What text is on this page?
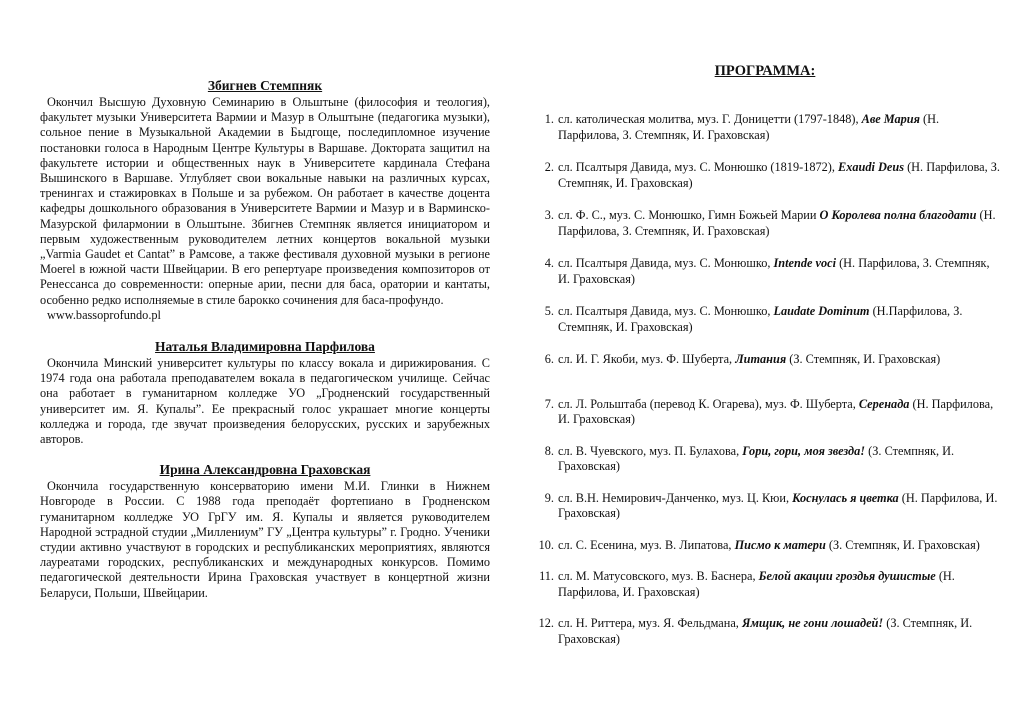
Збигнев Стемпняк

Окончил Высшую Духовную Семинарию в Ольштыне (философия и теология), факультет музыки Университета Вармии и Мазур в Ольштыне (педагогика музыки), сольное пение в Музыкальной Академии в Быдгоще, последипломное изучение постановки голоса в Народным Центре Культуры в Варшаве. Доктората защитил на факультете истории и общественных наук в Университете кардинала Стефана Вышинского в Варшаве. Углубляет свои вокальные навыки на различных курсах, тренингах и стажировках в Польше и за рубежом. Он работает в качестве доцента кафедры дошкольного образования в Университете Вармии и Мазур и в Варминско-Мазурской филармонии в Ольштыне. Збигнев Стемпняк является инициатором и первым художественным руководителем летних концертов вокальной музыки „Varmia Gaudet et Cantat” в Рамсове, а также фестиваля духовной музыки в регионе Moerel в южной части Швейцарии. В его репертуаре произведения композиторов от Ренессанса до современности: оперные арии, песни для баса, оратории и кантаты, особенно редко исполняемые в стиле барокко сочинения для баса-профундо.

www.bassoprofundo.pl

Наталья Владимировна Парфилова

Окончила Минский университет культуры по классу вокала и дирижирования. С 1974 года она работала преподавателем вокала в педагогическом училище. Сейчас она работает в гуманитарном колледже УО „Гродненский государственный университет им. Я. Купалы”. Ее прекрасный голос украшает многие концерты колледжа и города, где звучат произведения белорусских, русских и зарубежных авторов.

Ирина Александровна Граховская

Окончила государственную консерваторию имени М.И. Глинки в Нижнем Новгороде в России. С 1988 года преподаёт фортепиано в Гродненском гуманитарном колледже УО ГрГУ им. Я. Купалы и является руководителем Народной эстрадной студии „Миллениум” ГУ „Центра культуры” г. Гродно. Ученики студии активно участвуют в городских и республиканских мероприятиях, являются лауреатами городских, республиканских и международных конкурсов. Помимо педагогической деятельности Ирина Граховская участвует в концертной жизни Беларуси, Польши, Швейцарии.

ПРОГРАММА:
1. сл. католическая молитва, муз. Г. Доницетти (1797-1848), Аве Мария (Н. Парфилова, З. Стемпняк, И. Граховская)
2. сл. Псалтыря Давида, муз. С. Монюшко (1819-1872), Exaudi Deus (Н. Парфилова, З. Стемпняк, И. Граховская)
3. сл. Ф. С., муз. С. Монюшко, Гимн Божьей Марии О Королева полна благодати (Н. Парфилова, З. Стемпняк, И. Граховская)
4. сл. Псалтыря Давида, муз. С. Монюшко, Intende voci (Н. Парфилова, З. Стемпняк, И. Граховская)
5. сл. Псалтыря Давида, муз. С. Монюшко, Laudate Dominum (Н.Парфилова, З. Стемпняк, И. Граховская)
6. сл. И. Г. Якоби, муз. Ф. Шуберта, Литания (З. Стемпняк, И. Граховская)
7. сл. Л. Рольштаба (перевод К. Огарева), муз. Ф. Шуберта, Серенада (Н. Парфилова, И. Граховская)
8. сл. В. Чуевского, муз. П. Булахова, Гори, гори, моя звезда! (З. Стемпняк, И. Граховская)
9. сл. В.Н. Немирович-Данченко, муз. Ц. Кюи, Коснулась я цветка (Н. Парфилова, И. Граховская)
10. сл. С. Есенина, муз. В. Липатова, Писмо к матери (З. Стемпняк, И. Граховская)
11. сл. М. Матусовского, муз. В. Баснера, Белой акации гроздья душистые (Н. Парфилова, И. Граховская)
12. сл. Н. Риттера, муз. Я. Фельдмана, Ямщик, не гони лошадей! (З. Стемпняк, И. Граховская)
